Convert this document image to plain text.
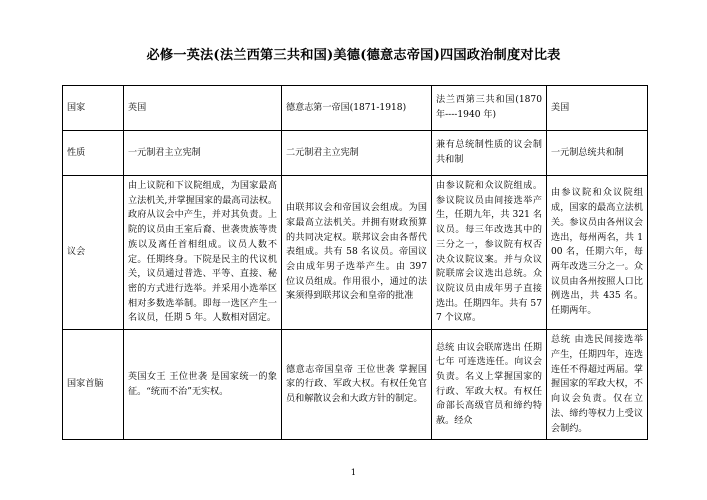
必修一英法(法兰西第三共和国)美德(德意志帝国)四国政治制度对比表
国家	英国	德意志第一帝国(1871-1918)	法兰西第三共和国(1870 年----1940 年)	美国
性质	一元制君主立宪制	二元制君主立宪制	兼有总统制性质的议会制共和制	一元制总统共和制
议会	由上议院和下议院组成，为国家最高立法机关,并掌握国家的最高司法权。政府从议会中产生，并对其负责。上院的议员由王室后裔、世袭贵族等贵族以及离任首相组成。议员人数不定。任期终身。下院是民主的代议机关，议员通过普选、平等、直接、秘密的方式进行选举。并采用小选举区相对多数选举制。即每一选区产生一名议员，任期 5 年。人数相对固定。	由联邦议会和帝国议会组成。为国家最高立法机关。并拥有财政预算的共同决定权。联邦议会由各帮代表组成。共有 58 名议员。帝国议会由成年男子选举产生。由 397 位议员组成。作用很小，通过的法案须得到联邦议会和皇帝的批准	由参议院和众议院组成。参议院议员由间接选举产生，任期九年，共 321 名议员。每三年改选其中的三分之一，参议院有权否决众议院议案。并与众议院联席会议选出总统。众议院议员由成年男子直接选出。任期四年。共有 577 个议席。	由参议院和众议院组成，国家的最高立法机关。参议员由各州议会选出，每州两名，共 100 名，任期六年，每两年改选三分之一。众议员由各州按照人口比例选出，共 435 名。任期两年。
国家首脑	英国女王 王位世袭 是国家统一的象征。“统而不治”无实权。	德意志帝国皇帝 王位世袭 掌握国家的行政、军政大权。有权任免官员和解散议会和大政方针的制定。	总统 由议会联席选出 任期七年 可连选连任。向议会负责。名义上掌握国家的行政、军政大权。有权任命部长高级官员和缔约特赦。经众	总统 由选民间接选举产生，任期四年，连选连任不得超过两届。掌握国家的军政大权，不向议会负责。仅在立法、缔约等权力上受议会制约。
1
